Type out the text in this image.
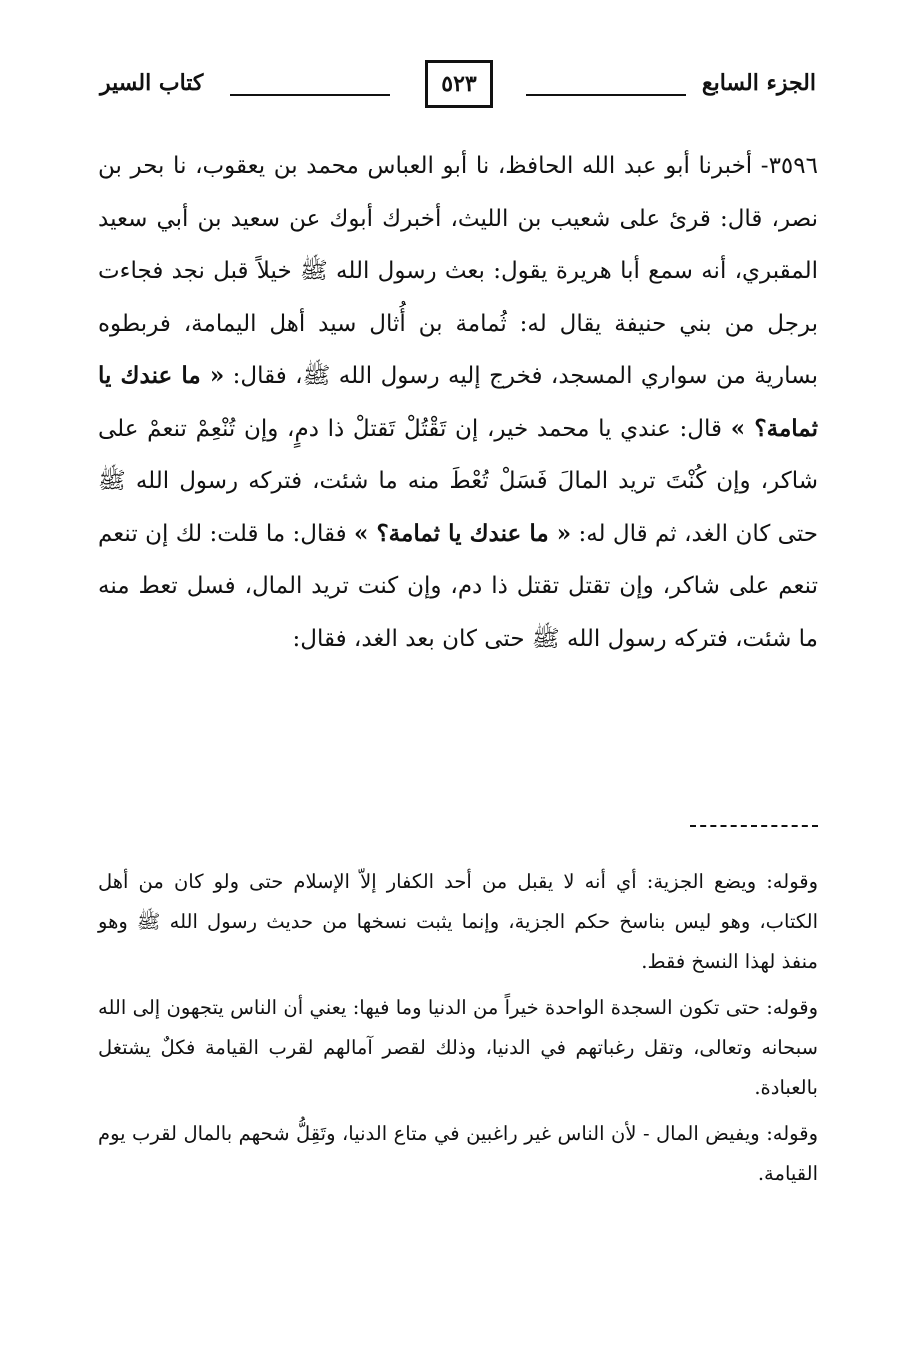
الجزء السابع
٥٢٣
كتاب السير

٣٥٩٦- أخبرنا أبو عبد الله الحافظ، نا أبو العباس محمد بن يعقوب، نا بحر بن نصر، قال: قرئ على شعيب بن الليث، أخبرك أبوك عن سعيد بن أبي سعيد المقبري، أنه سمع أبا هريرة يقول: بعث رسول الله ﷺ خيلاً قبل نجد فجاءت برجل من بني حنيفة يقال له: ثُمامة بن أُثال سيد أهل اليمامة، فربطوه بسارية من سواري المسجد، فخرج إليه رسول الله ﷺ، فقال: « ما عندك يا ثمامة؟ » قال: عندي يا محمد خير، إن تَقْتُلْ تَقتلْ ذا دمٍ، وإن تُنْعِمْ تنعمْ على شاكر، وإن كُنْتَ تريد المالَ فَسَلْ تُعْطَ منه ما شئت، فتركه رسول الله ﷺ حتى كان الغد، ثم قال له: « ما عندك يا ثمامة؟ » فقال: ما قلت: لك إن تنعم تنعم على شاكر، وإن تقتل تقتل ذا دم، وإن كنت تريد المال، فسل تعط منه ما شئت، فتركه رسول الله ﷺ حتى كان بعد الغد، فقال:

وقوله: ويضع الجزية: أي أنه لا يقبل من أحد الكفار إلاّ الإسلام حتى ولو كان من أهل الكتاب، وهو ليس بناسخ حكم الجزية، وإنما يثبت نسخها من حديث رسول الله ﷺ وهو منفذ لهذا النسخ فقط.

وقوله: حتى تكون السجدة الواحدة خيراً من الدنيا وما فيها: يعني أن الناس يتجهون إلى الله سبحانه وتعالى، وتقل رغباتهم في الدنيا، وذلك لقصر آمالهم لقرب القيامة فكلٌ يشتغل بالعبادة.

وقوله: ويفيض المال - لأن الناس غير راغبين في متاع الدنيا، وتَقِلُّ شحهم بالمال لقرب يوم القيامة.
